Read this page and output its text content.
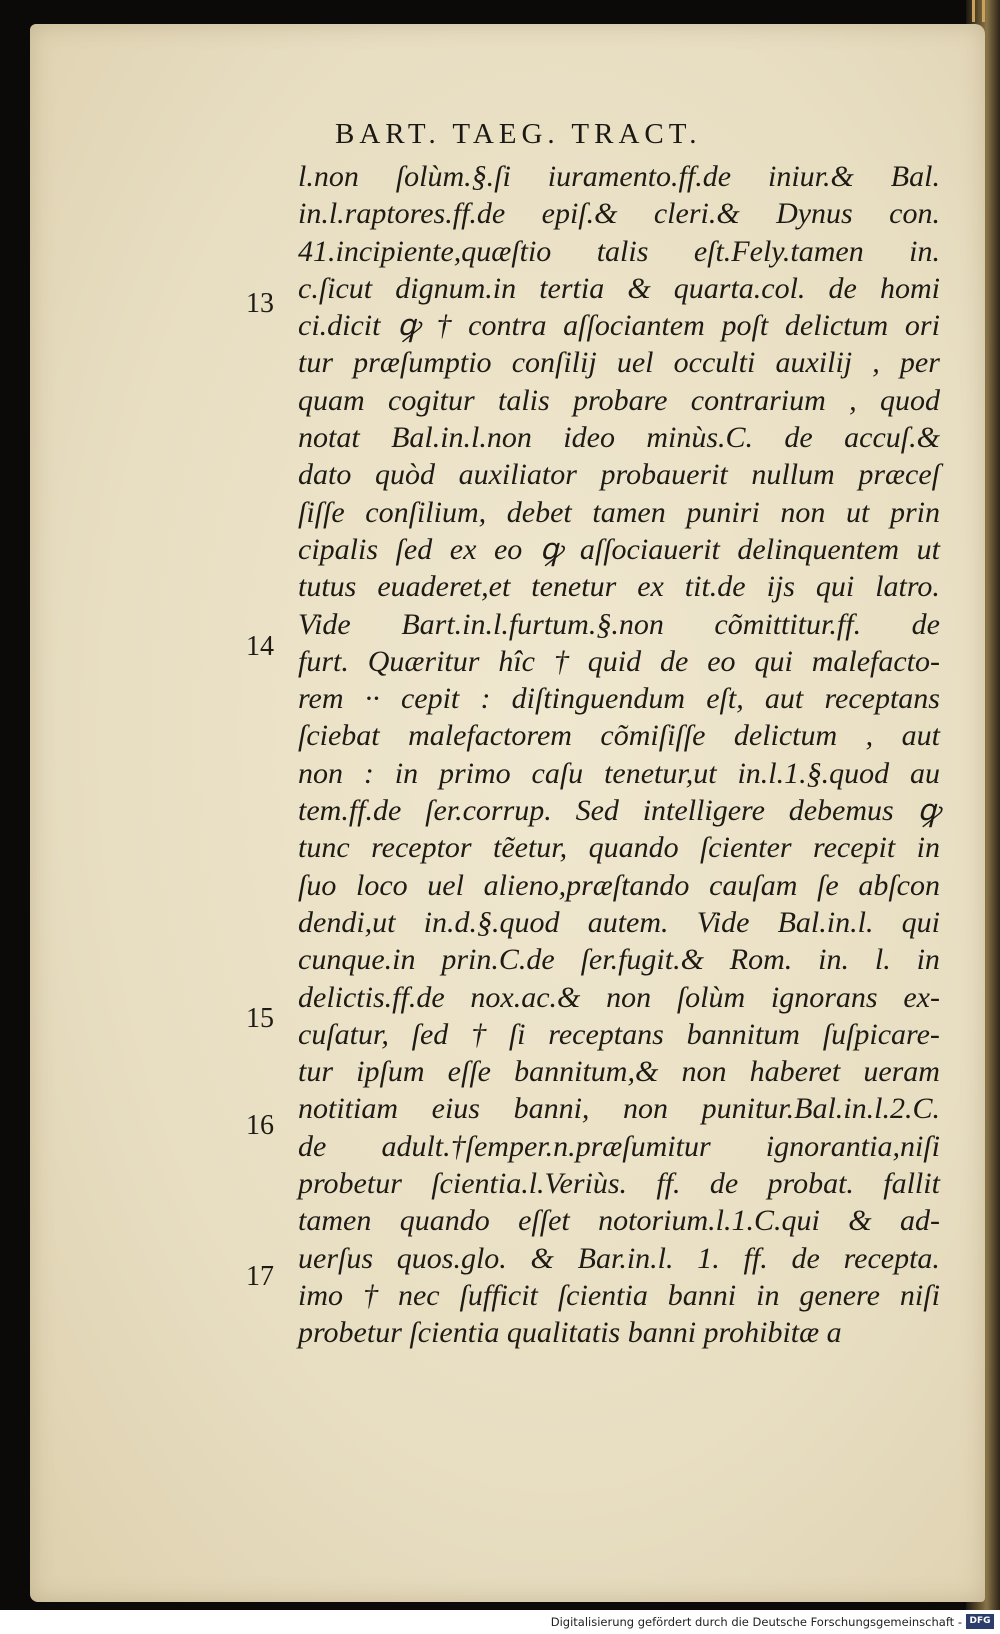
BART. TAEG. TRACT.
13
14
15
16
17
l.non ſolùm.§.ſi iuramento.ff.de iniur.& Bal.
in.l.raptores.ff.de epiſ.& cleri.& Dynus con.
41.incipiente,quæſtio talis eſt.Fely.tamen in.
c.ſicut dignum.in tertia & quarta.col. de homi
ci.dicit ꝙ † contra aſſociantem poſt delictum ori
tur præſumptio conſilij uel occulti auxilij , per
quam cogitur talis probare contrarium , quod
notat Bal.in.l.non ideo minùs.C. de accuſ.&
dato quòd auxiliator probauerit nullum præceſ
ſiſſe conſilium, debet tamen puniri non ut prin
cipalis ſed ex eo ꝙ aſſociauerit delinquentem ut
tutus euaderet,et tenetur ex tit.de ijs qui latro.
Vide Bart.in.l.furtum.§.non cõmittitur.ff. de
furt. Quæritur hîc † quid de eo qui malefacto-
rem ·· cepit : diſtinguendum eſt, aut receptans
ſciebat malefactorem cõmiſiſſe delictum , aut
non : in primo caſu tenetur,ut in.l.1.§.quod au
tem.ff.de ſer.corrup. Sed intelligere debemus ꝙ
tunc receptor tẽetur, quando ſcienter recepit in
ſuo loco uel alieno,præſtando cauſam ſe abſcon
dendi,ut in.d.§.quod autem. Vide Bal.in.l. qui
cunque.in prin.C.de ſer.fugit.& Rom. in. l. in
delictis.ff.de nox.ac.& non ſolùm ignorans ex-
cuſatur, ſed † ſi receptans bannitum ſuſpicare-
tur ipſum eſſe bannitum,& non haberet ueram
notitiam eius banni, non punitur.Bal.in.l.2.C.
de adult.†ſemper.n.præſumitur ignorantia,niſi
probetur ſcientia.l.Veriùs. ff. de probat. fallit
tamen quando eſſet notorium.l.1.C.qui & ad-
uerſus quos.glo. & Bar.in.l. 1. ff. de recepta.
imo † nec ſufficit ſcientia banni in genere niſi
probetur ſcientia qualitatis banni prohibitæ a
Digitalisierung gefördert durch die Deutsche Forschungsgemeinschaft - DFG
